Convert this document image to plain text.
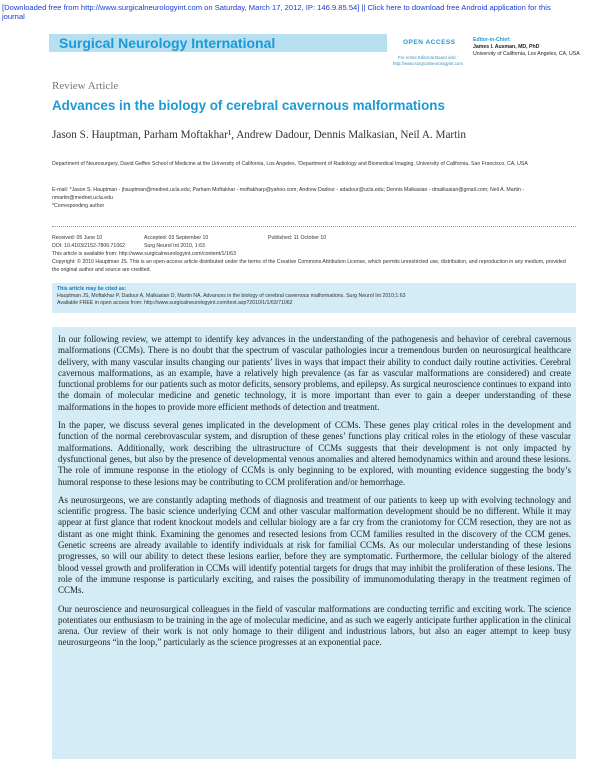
[Downloaded free from http://www.surgicalneurologyint.com on Saturday, March 17, 2012, IP: 146.9.85.54] || Click here to download free Android application for this
journal
Surgical Neurology International	OPEN ACCESS
For entire Editorial Board visit : http://www.surgicalneurologyint.com
Editor-in-Chief:
James I. Ausman, MD, PhD
University of California, Los Angeles, CA, USA
Review Article
Advances in the biology of cerebral cavernous malformations
Jason S. Hauptman, Parham Moftakhar¹, Andrew Dadour, Dennis Malkasian, Neil A. Martin
Department of Neurosurgery, David Geffen School of Medicine at the University of California, Los Angeles, ¹Department of Radiology and Biomedical Imaging, University of California, San Francisco, CA, USA
E-mail: *Jason S. Hauptman - jhauptman@mednet.ucla.edu; Parham Moftakhar - moftakharp@yahoo.com; Andrew Dadour - adadour@ucla.edu; Dennis Malkasian - dmalkasian@gmail.com; Neil A. Martin - nmartin@mednet.ucla.edu
*Corresponding author
Received: 05 June 10	Accepted: 03 September 10	Published: 11 October 10
DOI: 10.4103/2152-7806.71062	Surg Neurol Int 2010, 1:63
This article is available from: http://www.surgicalneurologyint.com/content/1/1/63
Copyright: © 2010 Hauptman JS. This is an open-access article distributed under the terms of the Creative Commons Attribution License, which permits unrestricted use, distribution, and reproduction in any medium, provided the original author and source are credited.
This article may be cited as:
Hauptman JS, Moftakhar P, Dadour A, Malkasian D, Martin NA. Advances in the biology of cerebral cavernous malformations. Surg Neurol Int 2010;1:63
Available FREE in open access from: http://www.surgicalneurologyint.com/text.asp?2010/1/1/63/71062

In our following review, we attempt to identify key advances in the understanding of the pathogenesis and behavior of cerebral cavernous malformations (CCMs). There is no doubt that the spectrum of vascular pathologies incur a tremendous burden on neurosurgical healthcare delivery, with many vascular insults changing our patients’ lives in ways that impact their ability to conduct daily routine activities. Cerebral cavernous malformations, as an example, have a relatively high prevalence (as far as vascular malformations are considered) and create functional problems for our patients such as motor deficits, sensory problems, and epilepsy. As surgical neuroscience continues to expand into the domain of molecular medicine and genetic technology, it is more important than ever to gain a deeper understanding of these malformations in the hopes to provide more efficient methods of detection and treatment.

In the paper, we discuss several genes implicated in the development of CCMs. These genes play critical roles in the development and function of the normal cerebrovascular system, and disruption of these genes’ functions play critical roles in the etiology of these vascular malformations. Additionally, work describing the ultrastructure of CCMs suggests that their development is not only impacted by dysfunctional genes, but also by the presence of developmental venous anomalies and altered hemodynamics within and around these lesions. The role of immune response in the etiology of CCMs is only beginning to be explored, with mounting evidence suggesting the body’s humoral response to these lesions may be contributing to CCM proliferation and/or hemorrhage.

As neurosurgeons, we are constantly adapting methods of diagnosis and treatment of our patients to keep up with evolving technology and scientific progress. The basic science underlying CCM and other vascular malformation development should be no different. While it may appear at first glance that rodent knockout models and cellular biology are a far cry from the craniotomy for CCM resection, they are not as distant as one might think. Examining the genomes and resected lesions from CCM families resulted in the discovery of the CCM genes. Genetic screens are already available to identify individuals at risk for familial CCMs. As our molecular understanding of these lesions progresses, so will our ability to detect these lesions earlier, before they are symptomatic. Furthermore, the cellular biology of the altered blood vessel growth and proliferation in CCMs will identify potential targets for drugs that may inhibit the proliferation of these lesions. The role of the immune response is particularly exciting, and raises the possibility of immunomodulating therapy in the treatment regimen of CCMs.

Our neuroscience and neurosurgical colleagues in the field of vascular malformations are conducting terrific and exciting work. The science potentiates our enthusiasm to be training in the age of molecular medicine, and as such we eagerly anticipate further application in the clinical arena. Our review of their work is not only homage to their diligent and industrious labors, but also an eager attempt to keep busy neurosurgeons “in the loop,” particularly as the science progresses at an exponential pace.
